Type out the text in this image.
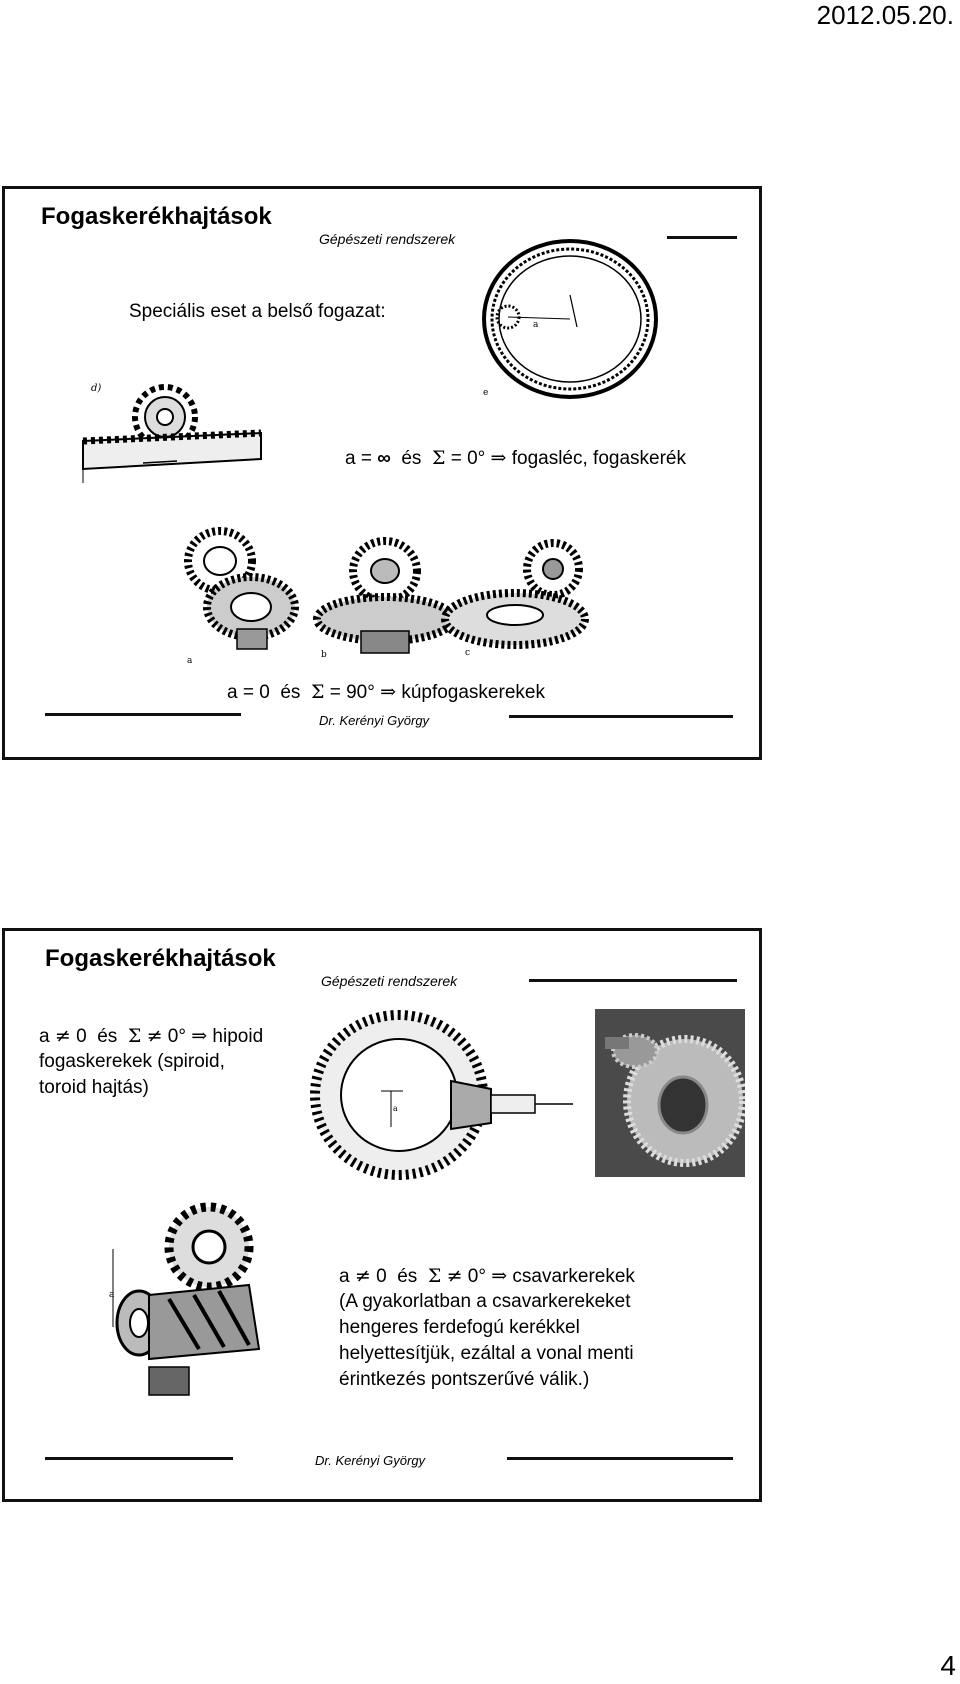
2012.05.20.
Fogaskerékhajtások
Gépészeti rendszerek
Speciális eset a belső fogazat:
a
e
d)
a = ∞ és Σ = 0° ⇒ fogasléc, fogaskerék
a
b	c
a = 0 és Σ = 90° ⇒ kúpfogaskerekek
Dr. Kerényi György
Fogaskerékhajtások
Gépészeti rendszerek
a ≠ 0 és Σ ≠ 0° ⇒ hipoid
fogaskerekek (spiroid,
toroid hajtás)
a
a
a ≠ 0 és Σ ≠ 0° ⇒ csavarkerekek
(A gyakorlatban a csavarkerekeket
hengeres ferdefogú kerékkel
helyettesítjük, ezáltal a vonal menti
érintkezés pontszerűvé válik.)
Dr. Kerényi György
4
